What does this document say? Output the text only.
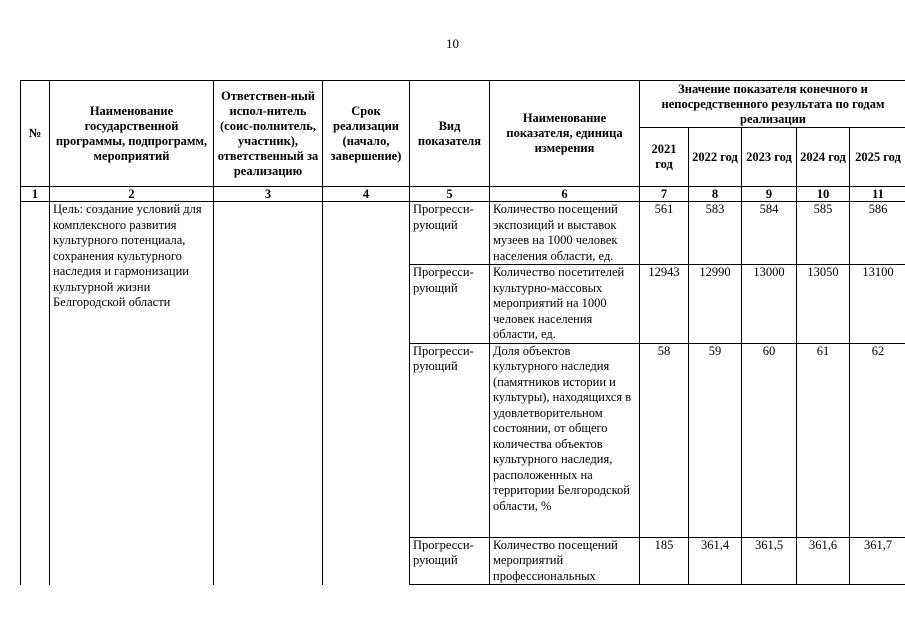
10
№	Наименование государственной программы, подпрограмм, мероприятий	Ответствен-ный испол-нитель (соис-полнитель, участник), ответственный за реализацию	Срок реализации (начало, завершение)	Вид показателя	Наименование показателя, единица измерения	Значение показателя конечного и непосредственного результата по годам реализации				
						2021 год	2022 год	2023 год	2024 год	2025 год
1	2	3	4	5	6	7	8	9	10	11
	Цель: создание условий для комплексного развития культурного потенциала, сохранения культурного наследия и гармонизации культурной жизни Белгородской области			Прогресси-рующий	Количество посещений экспозиций и выставок музеев на 1000 человек населения области, ед.	561	583	584	585	586
				Прогресси-рующий	Количество посетителей культурно-массовых мероприятий на 1000 человек населения области, ед.	12943	12990	13000	13050	13100
				Прогресси-рующий	Доля объектов культурного наследия (памятников истории и культуры), находящихся в удовлетворительном состоянии, от общего количества объектов культурного наследия, расположенных на территории Белгородской области, %	58	59	60	61	62
				Прогресси-рующий	Количество посещений мероприятий профессиональных	185	361,4	361,5	361,6	361,7
